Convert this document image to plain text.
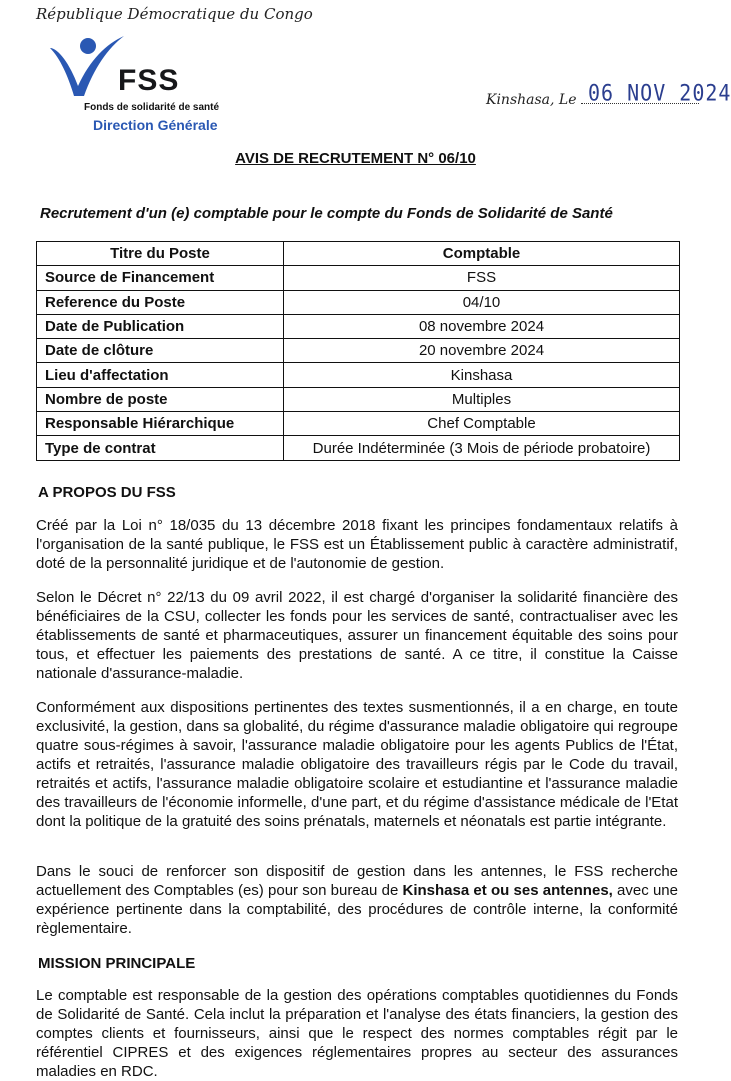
République Démocratique du Congo
FSS
Fonds de solidarité de santé
Direction Générale
Kinshasa, Le 06 NOV 2024
AVIS DE RECRUTEMENT N° 06/10
Recrutement d'un (e) comptable pour le compte du Fonds de Solidarité de Santé
Titre du Poste	Comptable
Source de Financement	FSS
Reference du Poste	04/10
Date de Publication	08 novembre 2024
Date de clôture	20 novembre 2024
Lieu d'affectation	Kinshasa
Nombre de poste	Multiples
Responsable Hiérarchique	Chef Comptable
Type de contrat	Durée Indéterminée (3 Mois de période probatoire)
A PROPOS DU FSS
Créé par la Loi n° 18/035 du 13 décembre 2018 fixant les principes fondamentaux relatifs à l'organisation de la santé publique, le FSS est un Établissement public à caractère administratif, doté de la personnalité juridique et de l'autonomie de gestion.
Selon le Décret n° 22/13 du 09 avril 2022, il est chargé d'organiser la solidarité financière des bénéficiaires de la CSU, collecter les fonds pour les services de santé, contractualiser avec les établissements de santé et pharmaceutiques, assurer un financement équitable des soins pour tous, et effectuer les paiements des prestations de santé. A ce titre, il constitue la Caisse nationale d'assurance-maladie.
Conformément aux dispositions pertinentes des textes susmentionnés, il a en charge, en toute exclusivité, la gestion, dans sa globalité, du régime d'assurance maladie obligatoire qui regroupe quatre sous-régimes à savoir, l'assurance maladie obligatoire pour les agents Publics de l'État, actifs et retraités, l'assurance maladie obligatoire des travailleurs régis par le Code du travail, retraités et actifs, l'assurance maladie obligatoire scolaire et estudiantine et l'assurance maladie des travailleurs de l'économie informelle, d'une part, et du régime d'assistance médicale de l'Etat dont la politique de la gratuité des soins prénatals, maternels et néonatals est partie intégrante.
Dans le souci de renforcer son dispositif de gestion dans les antennes, le FSS recherche actuellement des Comptables (es) pour son bureau de Kinshasa et ou ses antennes, avec une expérience pertinente dans la comptabilité, des procédures de contrôle interne, la conformité règlementaire.
MISSION PRINCIPALE
Le comptable est responsable de la gestion des opérations comptables quotidiennes du Fonds de Solidarité de Santé. Cela inclut la préparation et l'analyse des états financiers, la gestion des comptes clients et fournisseurs, ainsi que le respect des normes comptables régit par le référentiel CIPRES et des exigences réglementaires propres au secteur des assurances maladies en RDC.
